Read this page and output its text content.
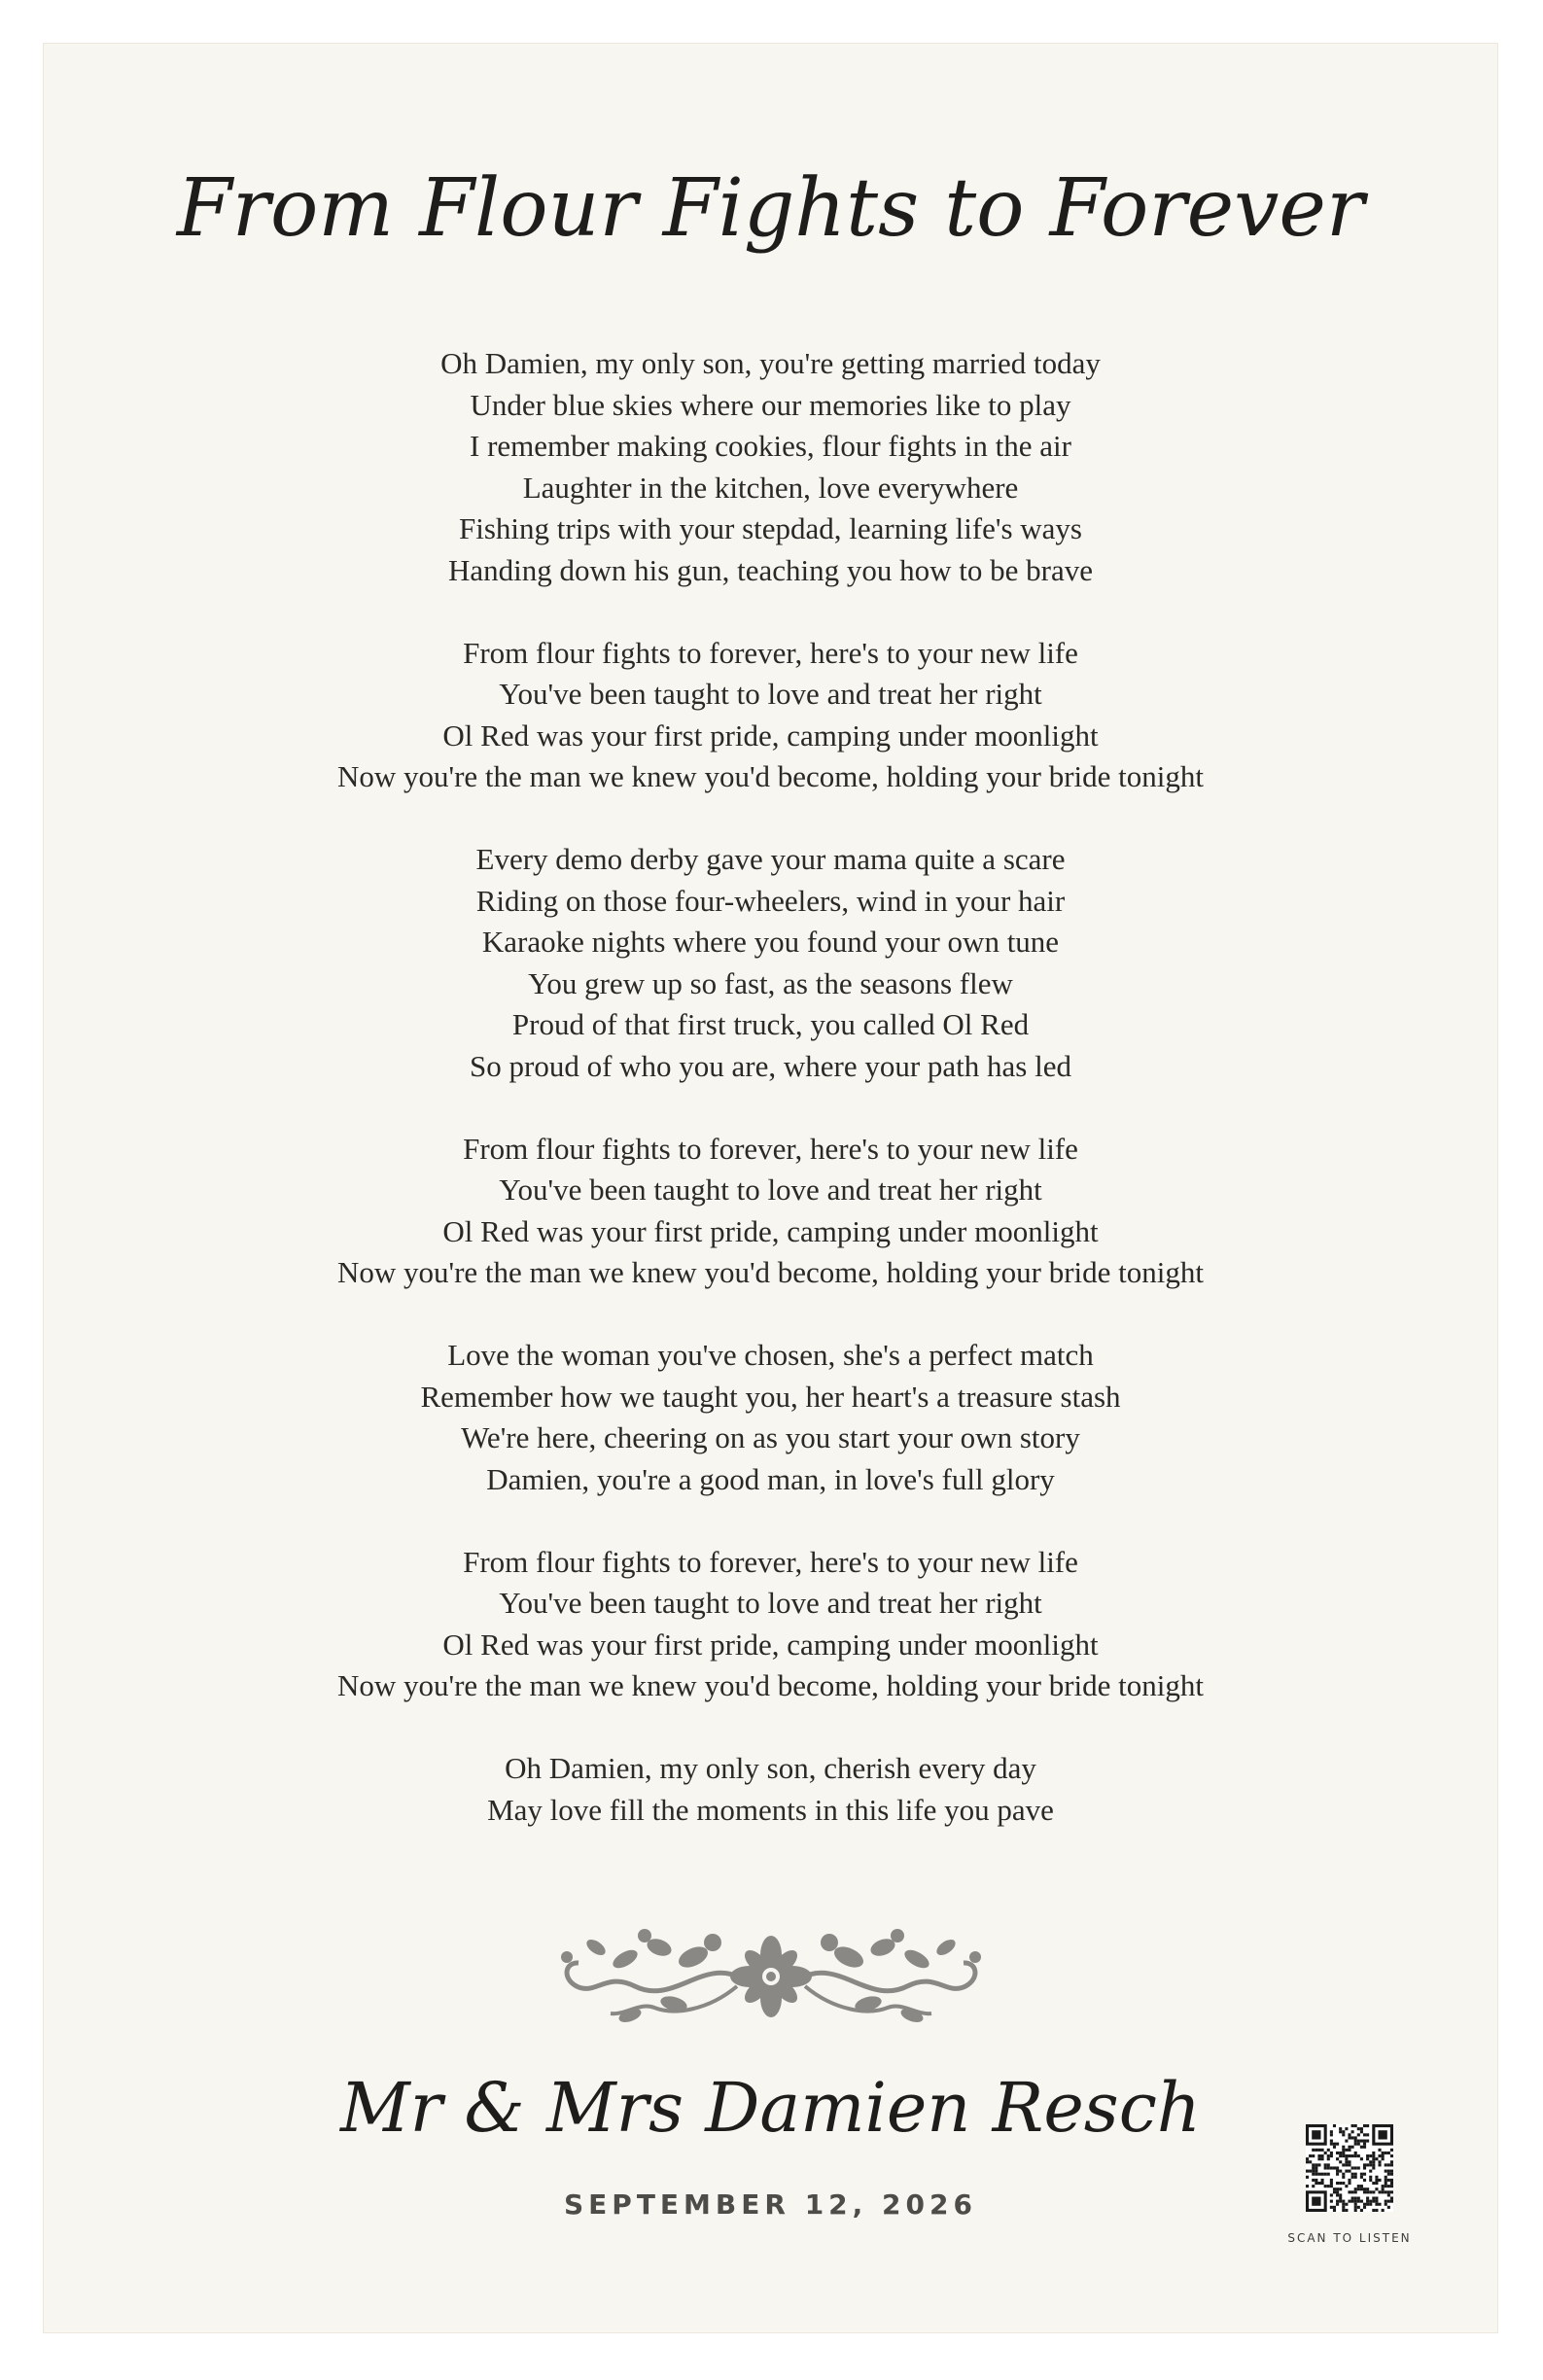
From Flour Fights to Forever
Oh Damien, my only son, you're getting married today
Under blue skies where our memories like to play
I remember making cookies, flour fights in the air
Laughter in the kitchen, love everywhere
Fishing trips with your stepdad, learning life's ways
Handing down his gun, teaching you how to be brave
From flour fights to forever, here's to your new life
You've been taught to love and treat her right
Ol Red was your first pride, camping under moonlight
Now you're the man we knew you'd become, holding your bride tonight
Every demo derby gave your mama quite a scare
Riding on those four-wheelers, wind in your hair
Karaoke nights where you found your own tune
You grew up so fast, as the seasons flew
Proud of that first truck, you called Ol Red
So proud of who you are, where your path has led
From flour fights to forever, here's to your new life
You've been taught to love and treat her right
Ol Red was your first pride, camping under moonlight
Now you're the man we knew you'd become, holding your bride tonight
Love the woman you've chosen, she's a perfect match
Remember how we taught you, her heart's a treasure stash
We're here, cheering on as you start your own story
Damien, you're a good man, in love's full glory
From flour fights to forever, here's to your new life
You've been taught to love and treat her right
Ol Red was your first pride, camping under moonlight
Now you're the man we knew you'd become, holding your bride tonight
Oh Damien, my only son, cherish every day
May love fill the moments in this life you pave
Mr & Mrs Damien Resch
SEPTEMBER 12, 2026
SCAN TO LISTEN
